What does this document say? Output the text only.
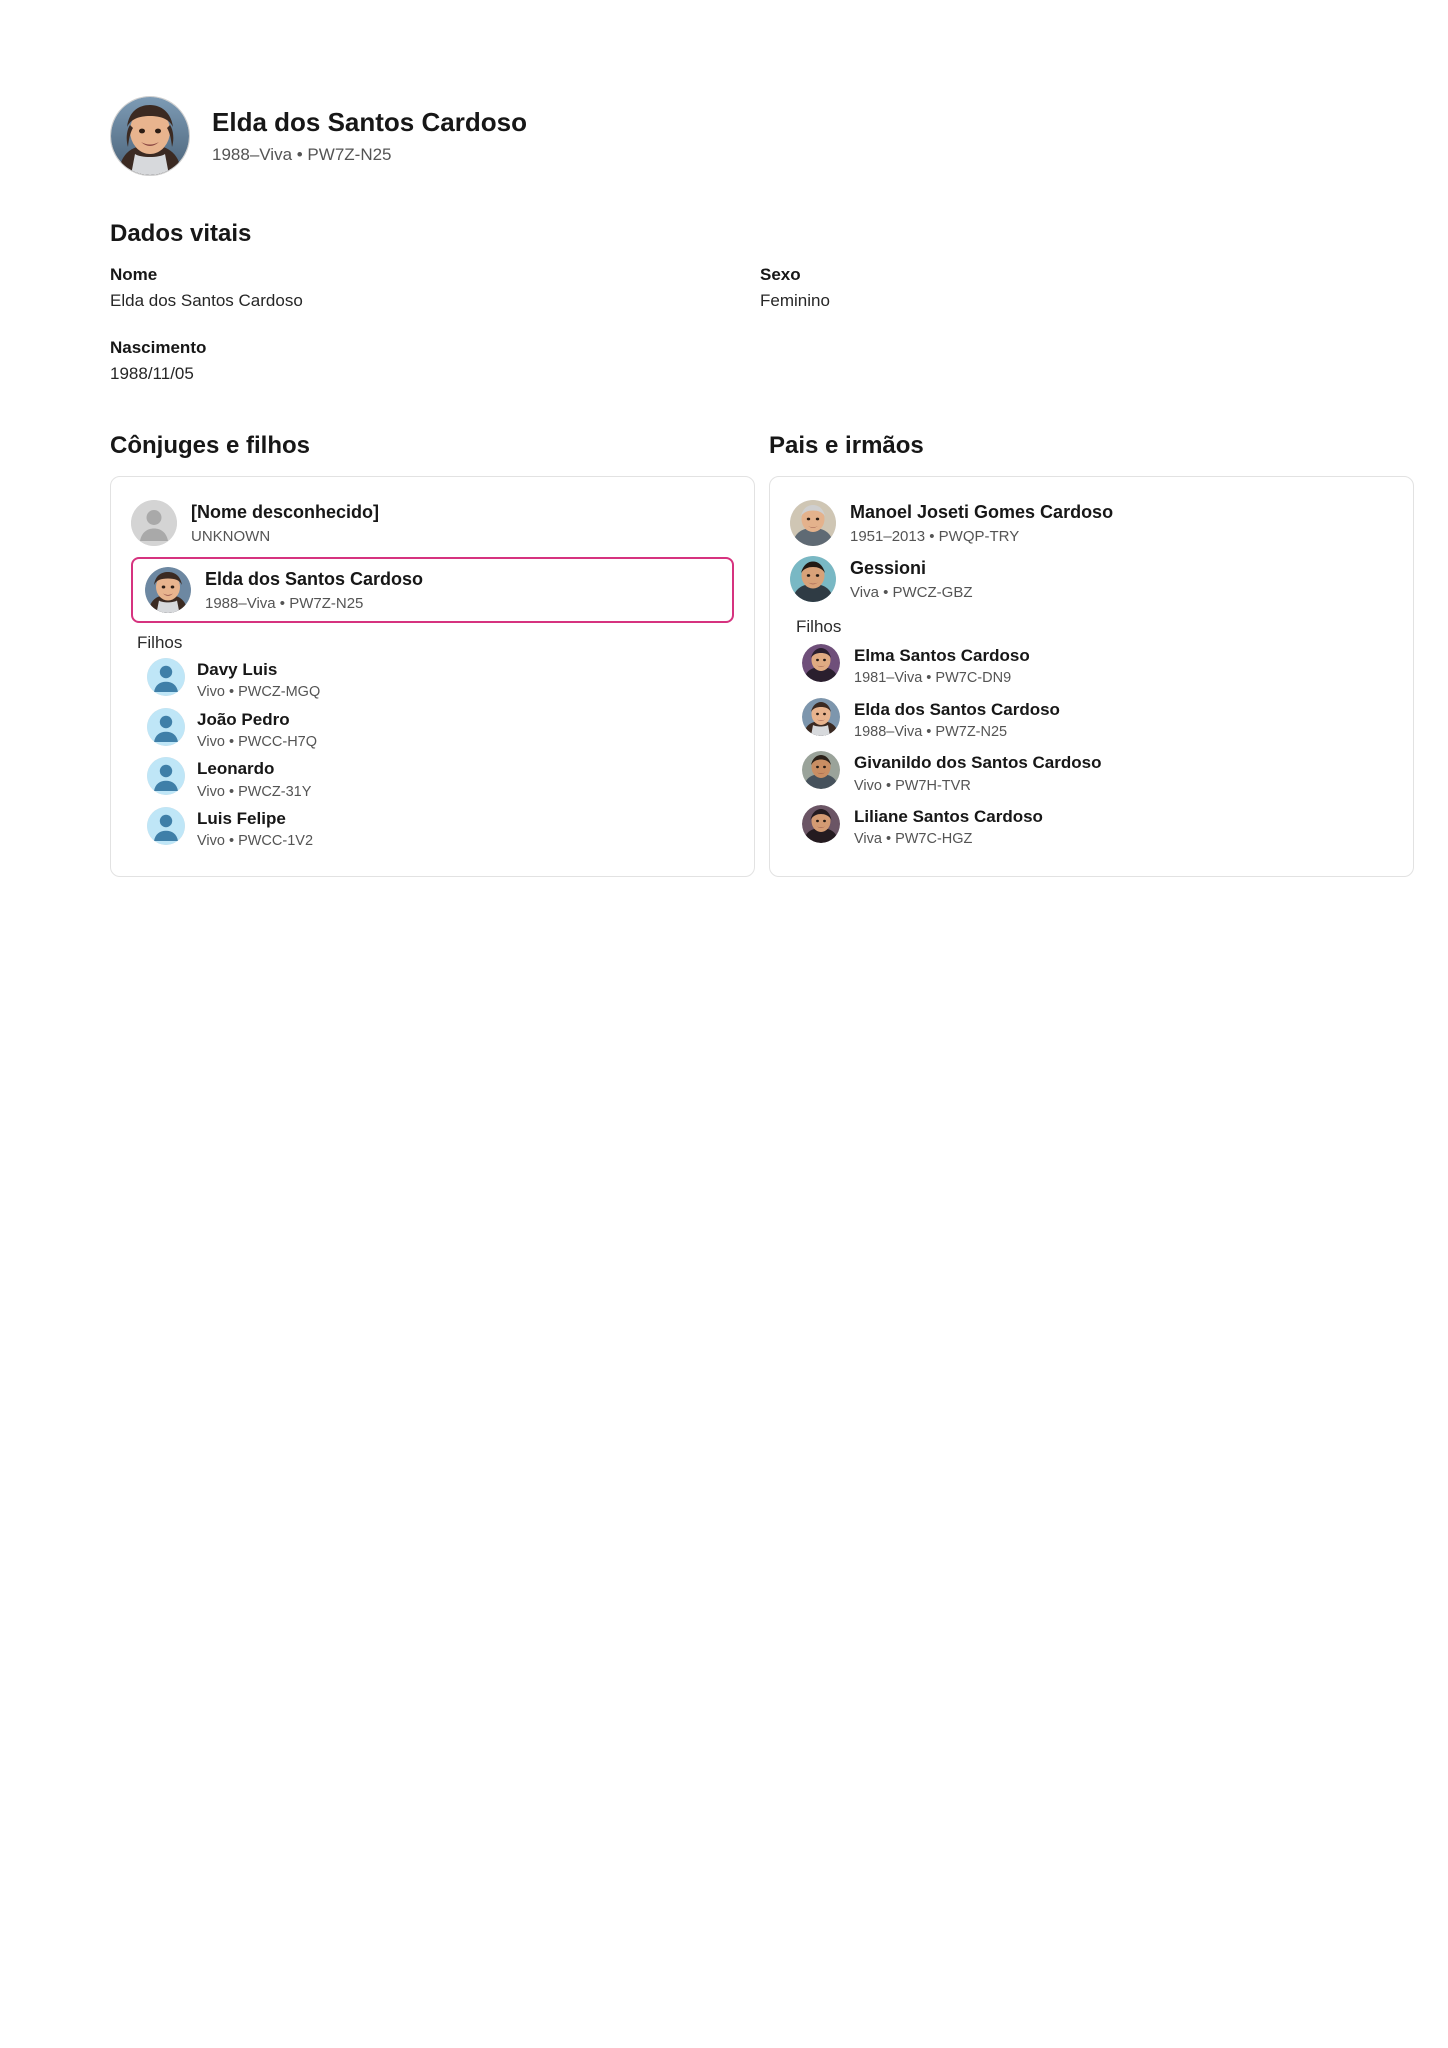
Elda dos Santos Cardoso
1988–Viva • PW7Z-N25
Dados vitais
Nome
Elda dos Santos Cardoso
Sexo
Feminino
Nascimento
1988/11/05
Cônjuges e filhos
[Nome desconhecido]
UNKNOWN
Elda dos Santos Cardoso
1988–Viva • PW7Z-N25
Filhos
Davy Luis
Vivo • PWCZ-MGQ
João Pedro
Vivo • PWCC-H7Q
Leonardo
Vivo • PWCZ-31Y
Luis Felipe
Vivo • PWCC-1V2
Pais e irmãos
Manoel Joseti Gomes Cardoso
1951–2013 • PWQP-TRY
Gessioni
Viva • PWCZ-GBZ
Filhos
Elma Santos Cardoso
1981–Viva • PW7C-DN9
Elda dos Santos Cardoso
1988–Viva • PW7Z-N25
Givanildo dos Santos Cardoso
Vivo • PW7H-TVR
Liliane Santos Cardoso
Viva • PW7C-HGZ
